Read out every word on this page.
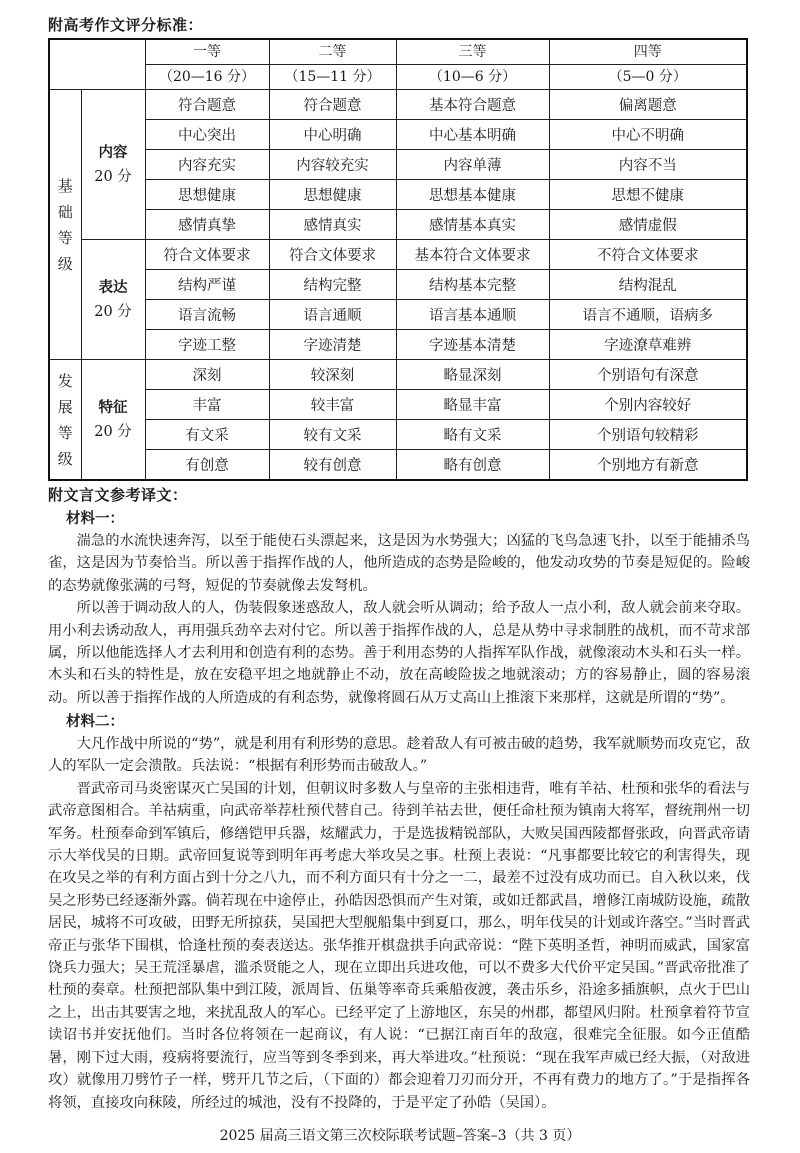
附高考作文评分标准：
		一等	二等	三等	四等
		（20—16 分）	（15—11 分）	（10—6 分）	（5—0 分）
基
础
等
级	内容
20 分	符合题意	符合题意	基本符合题意	偏离题意
		中心突出	中心明确	中心基本明确	中心不明确
		内容充实	内容较充实	内容单薄	内容不当
		思想健康	思想健康	思想基本健康	思想不健康
		感情真挚	感情真实	感情基本真实	感情虚假
	表达
20 分	符合文体要求	符合文体要求	基本符合文体要求	不符合文体要求
		结构严谨	结构完整	结构基本完整	结构混乱
		语言流畅	语言通顺	语言基本通顺	语言不通顺，语病多
		字迹工整	字迹清楚	字迹基本清楚	字迹潦草难辨
发
展
等
级	特征
20 分	深刻	较深刻	略显深刻	个别语句有深意
		丰富	较丰富	略显丰富	个别内容较好
		有文采	较有文采	略有文采	个别语句较精彩
		有创意	较有创意	略有创意	个别地方有新意
附文言文参考译文：
材料一：

湍急的水流快速奔泻，以至于能使石头漂起来，这是因为水势强大；凶猛的飞鸟急速飞扑，以至于能捕杀鸟雀，这是因为节奏恰当。所以善于指挥作战的人，他所造成的态势是险峻的，他发动攻势的节奏是短促的。险峻的态势就像张满的弓弩，短促的节奏就像去发弩机。

所以善于调动敌人的人，伪装假象迷惑敌人，敌人就会听从调动；给予敌人一点小利，敌人就会前来夺取。用小利去诱动敌人，再用强兵劲卒去对付它。所以善于指挥作战的人，总是从势中寻求制胜的战机，而不苛求部属，所以他能选择人才去利用和创造有利的态势。善于利用态势的人指挥军队作战，就像滚动木头和石头一样。木头和石头的特性是，放在安稳平坦之地就静止不动，放在高峻险拔之地就滚动；方的容易静止，圆的容易滚动。所以善于指挥作战的人所造成的有利态势，就像将圆石从万丈高山上推滚下来那样，这就是所谓的“势”。

材料二：

大凡作战中所说的“势”，就是利用有利形势的意思。趁着敌人有可被击破的趋势，我军就顺势而攻克它，敌人的军队一定会溃散。兵法说：“根据有利形势而击破敌人。”

晋武帝司马炎密谋灭亡吴国的计划，但朝议时多数人与皇帝的主张相违背，唯有羊祜、杜预和张华的看法与武帝意图相合。羊祜病重，向武帝举荐杜预代替自己。待到羊祜去世，便任命杜预为镇南大将军，督统荆州一切军务。杜预奉命到军镇后，修缮铠甲兵器，炫耀武力，于是选拔精锐部队，大败吴国西陵都督张政，向晋武帝请示大举伐吴的日期。武帝回复说等到明年再考虑大举攻吴之事。杜预上表说：“凡事都要比较它的利害得失，现在攻吴之举的有利方面占到十分之八九，而不利方面只有十分之一二，最差不过没有成功而已。自入秋以来，伐吴之形势已经逐渐外露。倘若现在中途停止，孙皓因恐惧而产生对策，或如迁都武昌，增修江南城防设施，疏散居民，城将不可攻破，田野无所掠获，吴国把大型舰船集中到夏口，那么，明年伐吴的计划或许落空。”当时晋武帝正与张华下围棋，恰逢杜预的奏表送达。张华推开棋盘拱手向武帝说：“陛下英明圣哲，神明而威武，国家富饶兵力强大；吴王荒淫暴虐，滥杀贤能之人，现在立即出兵进攻他，可以不费多大代价平定吴国。”晋武帝批准了杜预的奏章。杜预把部队集中到江陵，派周旨、伍巢等率奇兵乘船夜渡，袭击乐乡，沿途多插旗帜，点火于巴山之上，出击其要害之地，来扰乱敌人的军心。已经平定了上游地区，东吴的州郡，都望风归附。杜预拿着符节宣读诏书并安抚他们。当时各位将领在一起商议，有人说：“已据江南百年的敌寇，很难完全征服。如今正值酷暑，刚下过大雨，疫病将要流行，应当等到冬季到来，再大举进攻。”杜预说：“现在我军声威已经大振，（对敌进攻）就像用刀劈竹子一样，劈开几节之后，（下面的）都会迎着刀刃而分开，不再有费力的地方了。”于是指挥各将领，直接攻向秣陵，所经过的城池，没有不投降的，于是平定了孙皓（吴国）。

2025 届高三语文第三次校际联考试题–答案–3（共 3 页）
